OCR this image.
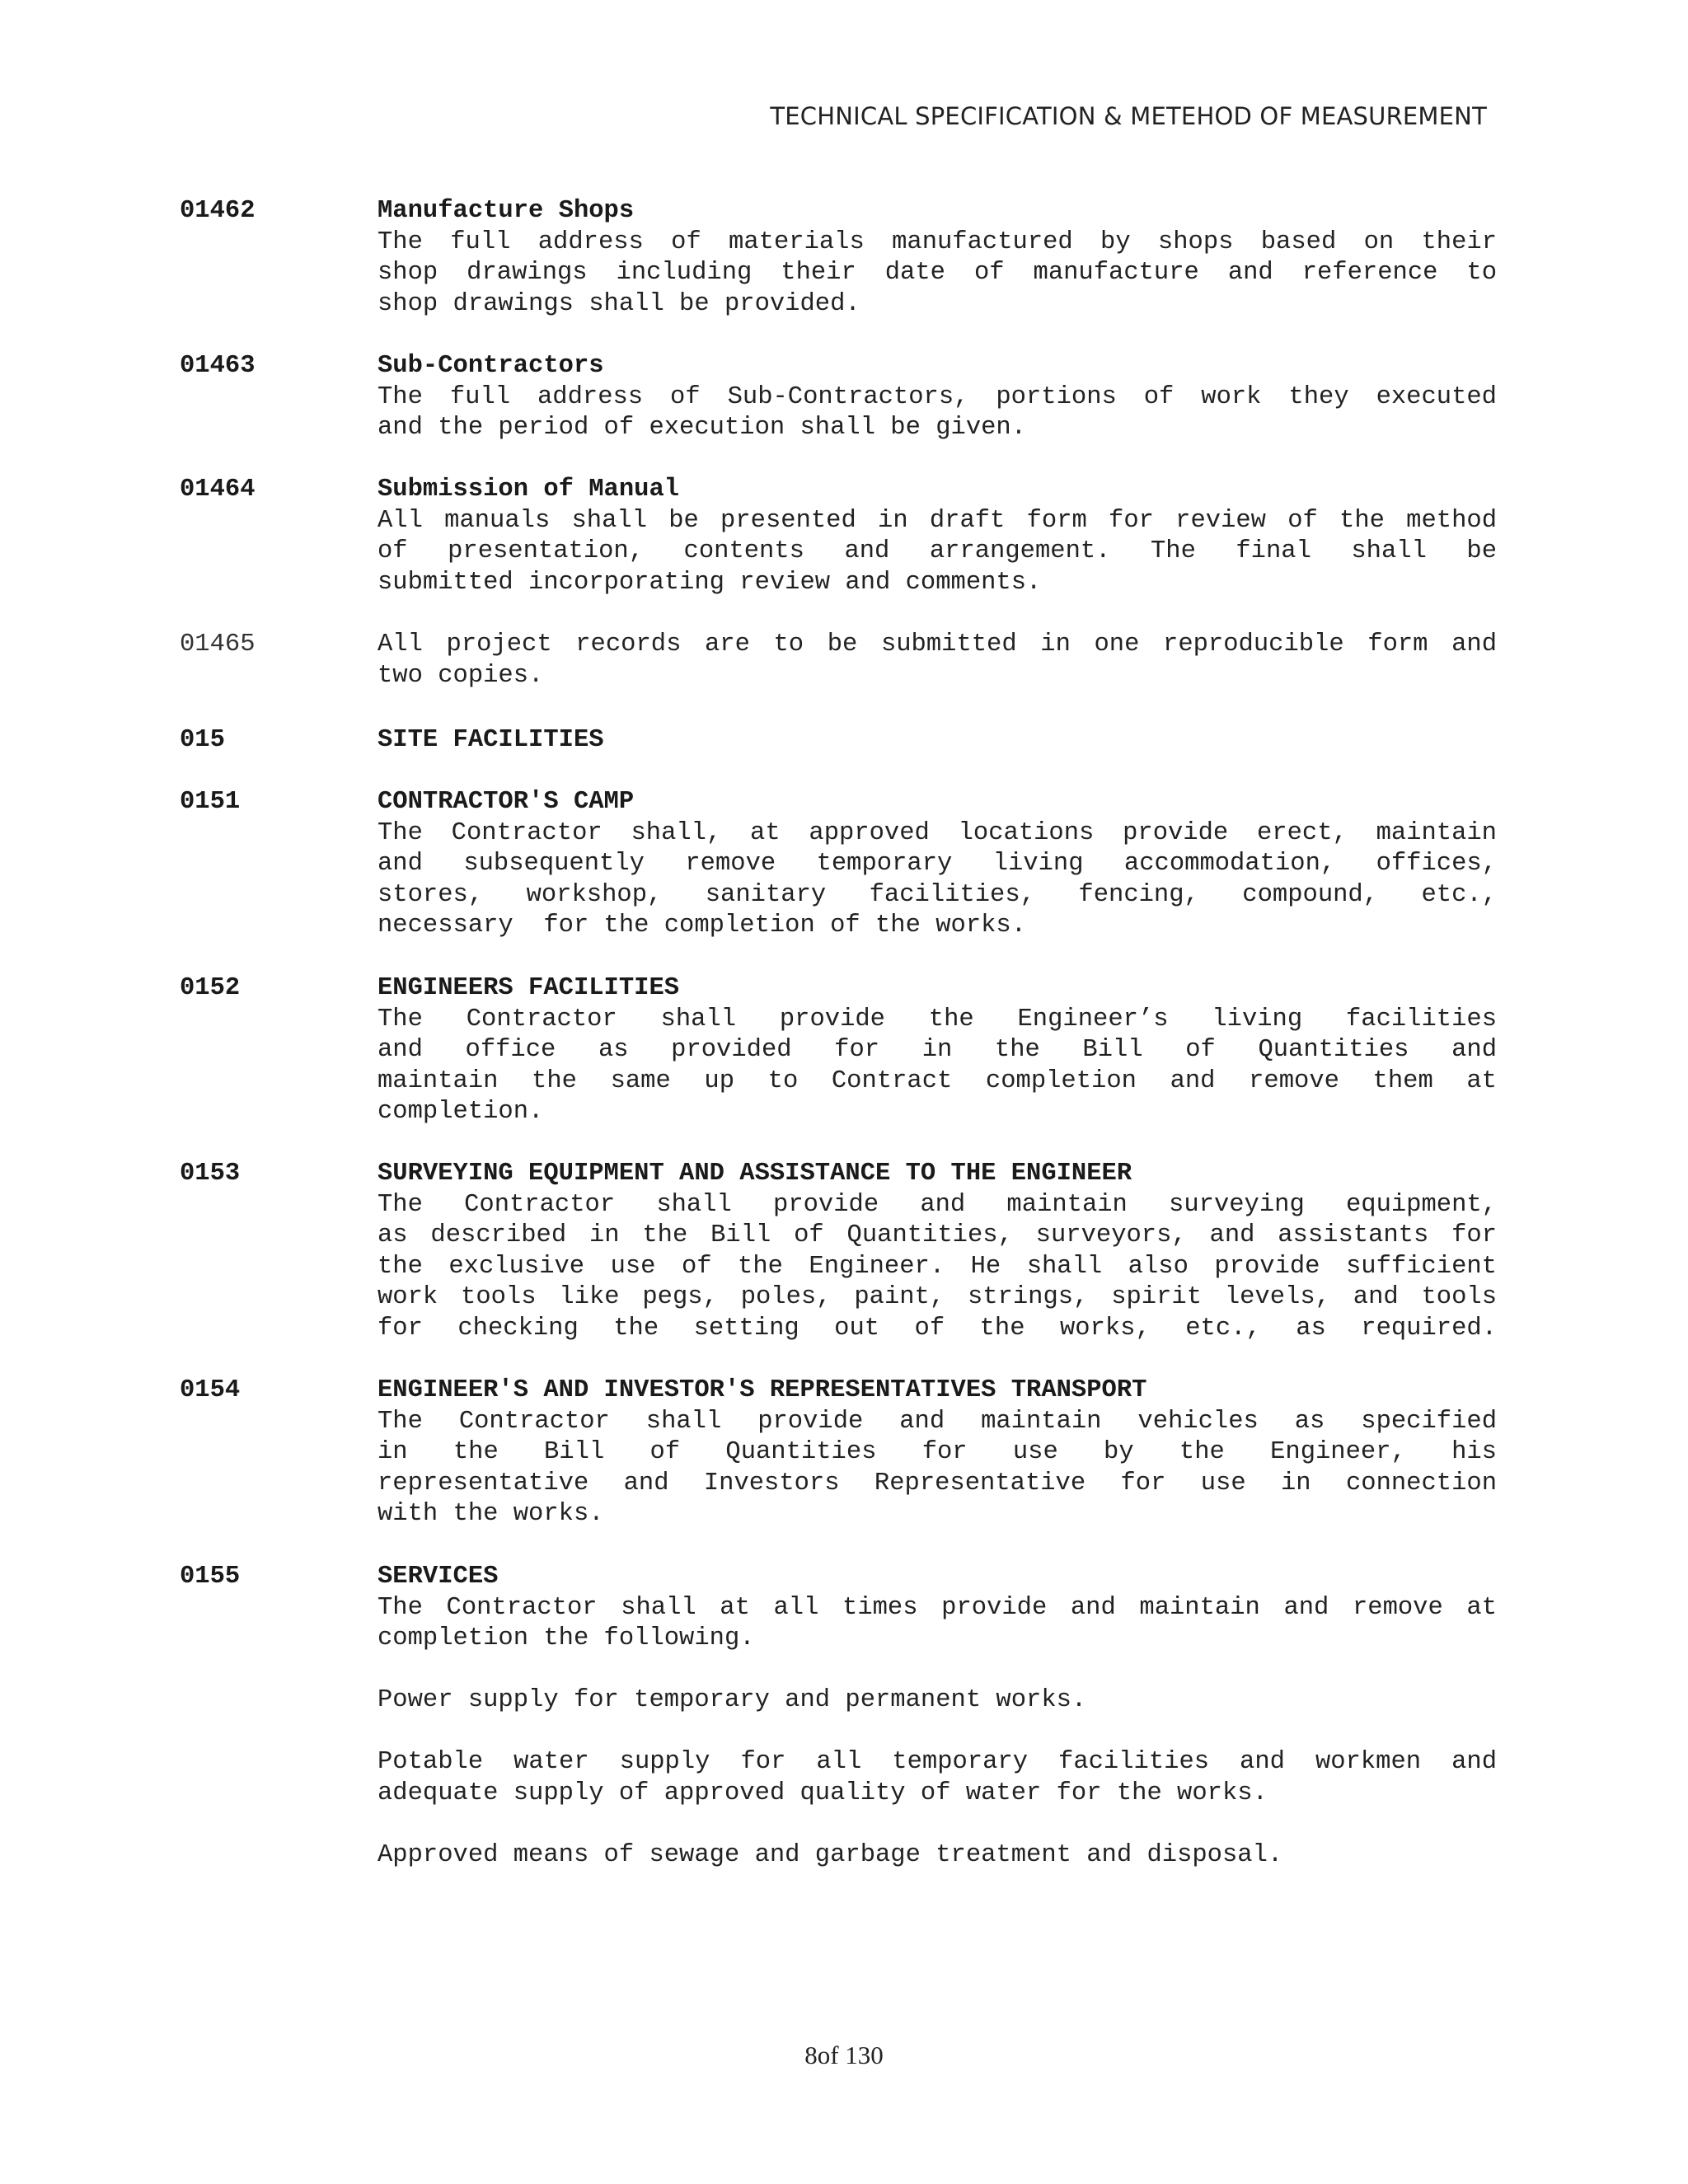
TECHNICAL SPECIFICATION & METEHOD OF MEASUREMENT
01462	Manufacture Shops
The full address of materials manufactured by shops based on their
shop drawings including their date of manufacture and reference to
shop drawings shall be provided.
01463	Sub-Contractors
The full address of Sub-Contractors, portions of work they executed
and the period of execution shall be given.
01464	Submission of Manual
All manuals shall be presented in draft form for review of the method
of presentation, contents and arrangement. The final shall be
submitted incorporating review and comments.
01465	All project records are to be submitted in one reproducible form and
two copies.
015	SITE FACILITIES
0151	CONTRACTOR'S CAMP
The Contractor shall, at approved locations provide erect, maintain
and subsequently remove temporary living accommodation, offices,
stores, workshop, sanitary facilities, fencing, compound, etc.,
necessary  for the completion of the works.
0152	ENGINEERS FACILITIES
The Contractor shall provide the Engineer’s living facilities
and office as provided for in the Bill of Quantities and
maintain the same up to Contract completion and remove them at
completion.
0153	SURVEYING EQUIPMENT AND ASSISTANCE TO THE ENGINEER
The Contractor shall provide and maintain surveying equipment,
as described in the Bill of Quantities, surveyors, and assistants for
the exclusive use of the Engineer. He shall also provide sufficient
work tools like pegs, poles, paint, strings, spirit levels, and tools
for checking the setting out of the works, etc., as required.
0154	ENGINEER'S AND INVESTOR'S REPRESENTATIVES TRANSPORT
The Contractor shall provide and maintain vehicles as specified
in the Bill of Quantities for use by the Engineer, his
representative and Investors Representative for use in connection
with the works.
0155	SERVICES
The Contractor shall at all times provide and maintain and remove at
completion the following.
Power supply for temporary and permanent works.
Potable water supply for all temporary facilities and workmen and
adequate supply of approved quality of water for the works.
Approved means of sewage and garbage treatment and disposal.
8of 130
